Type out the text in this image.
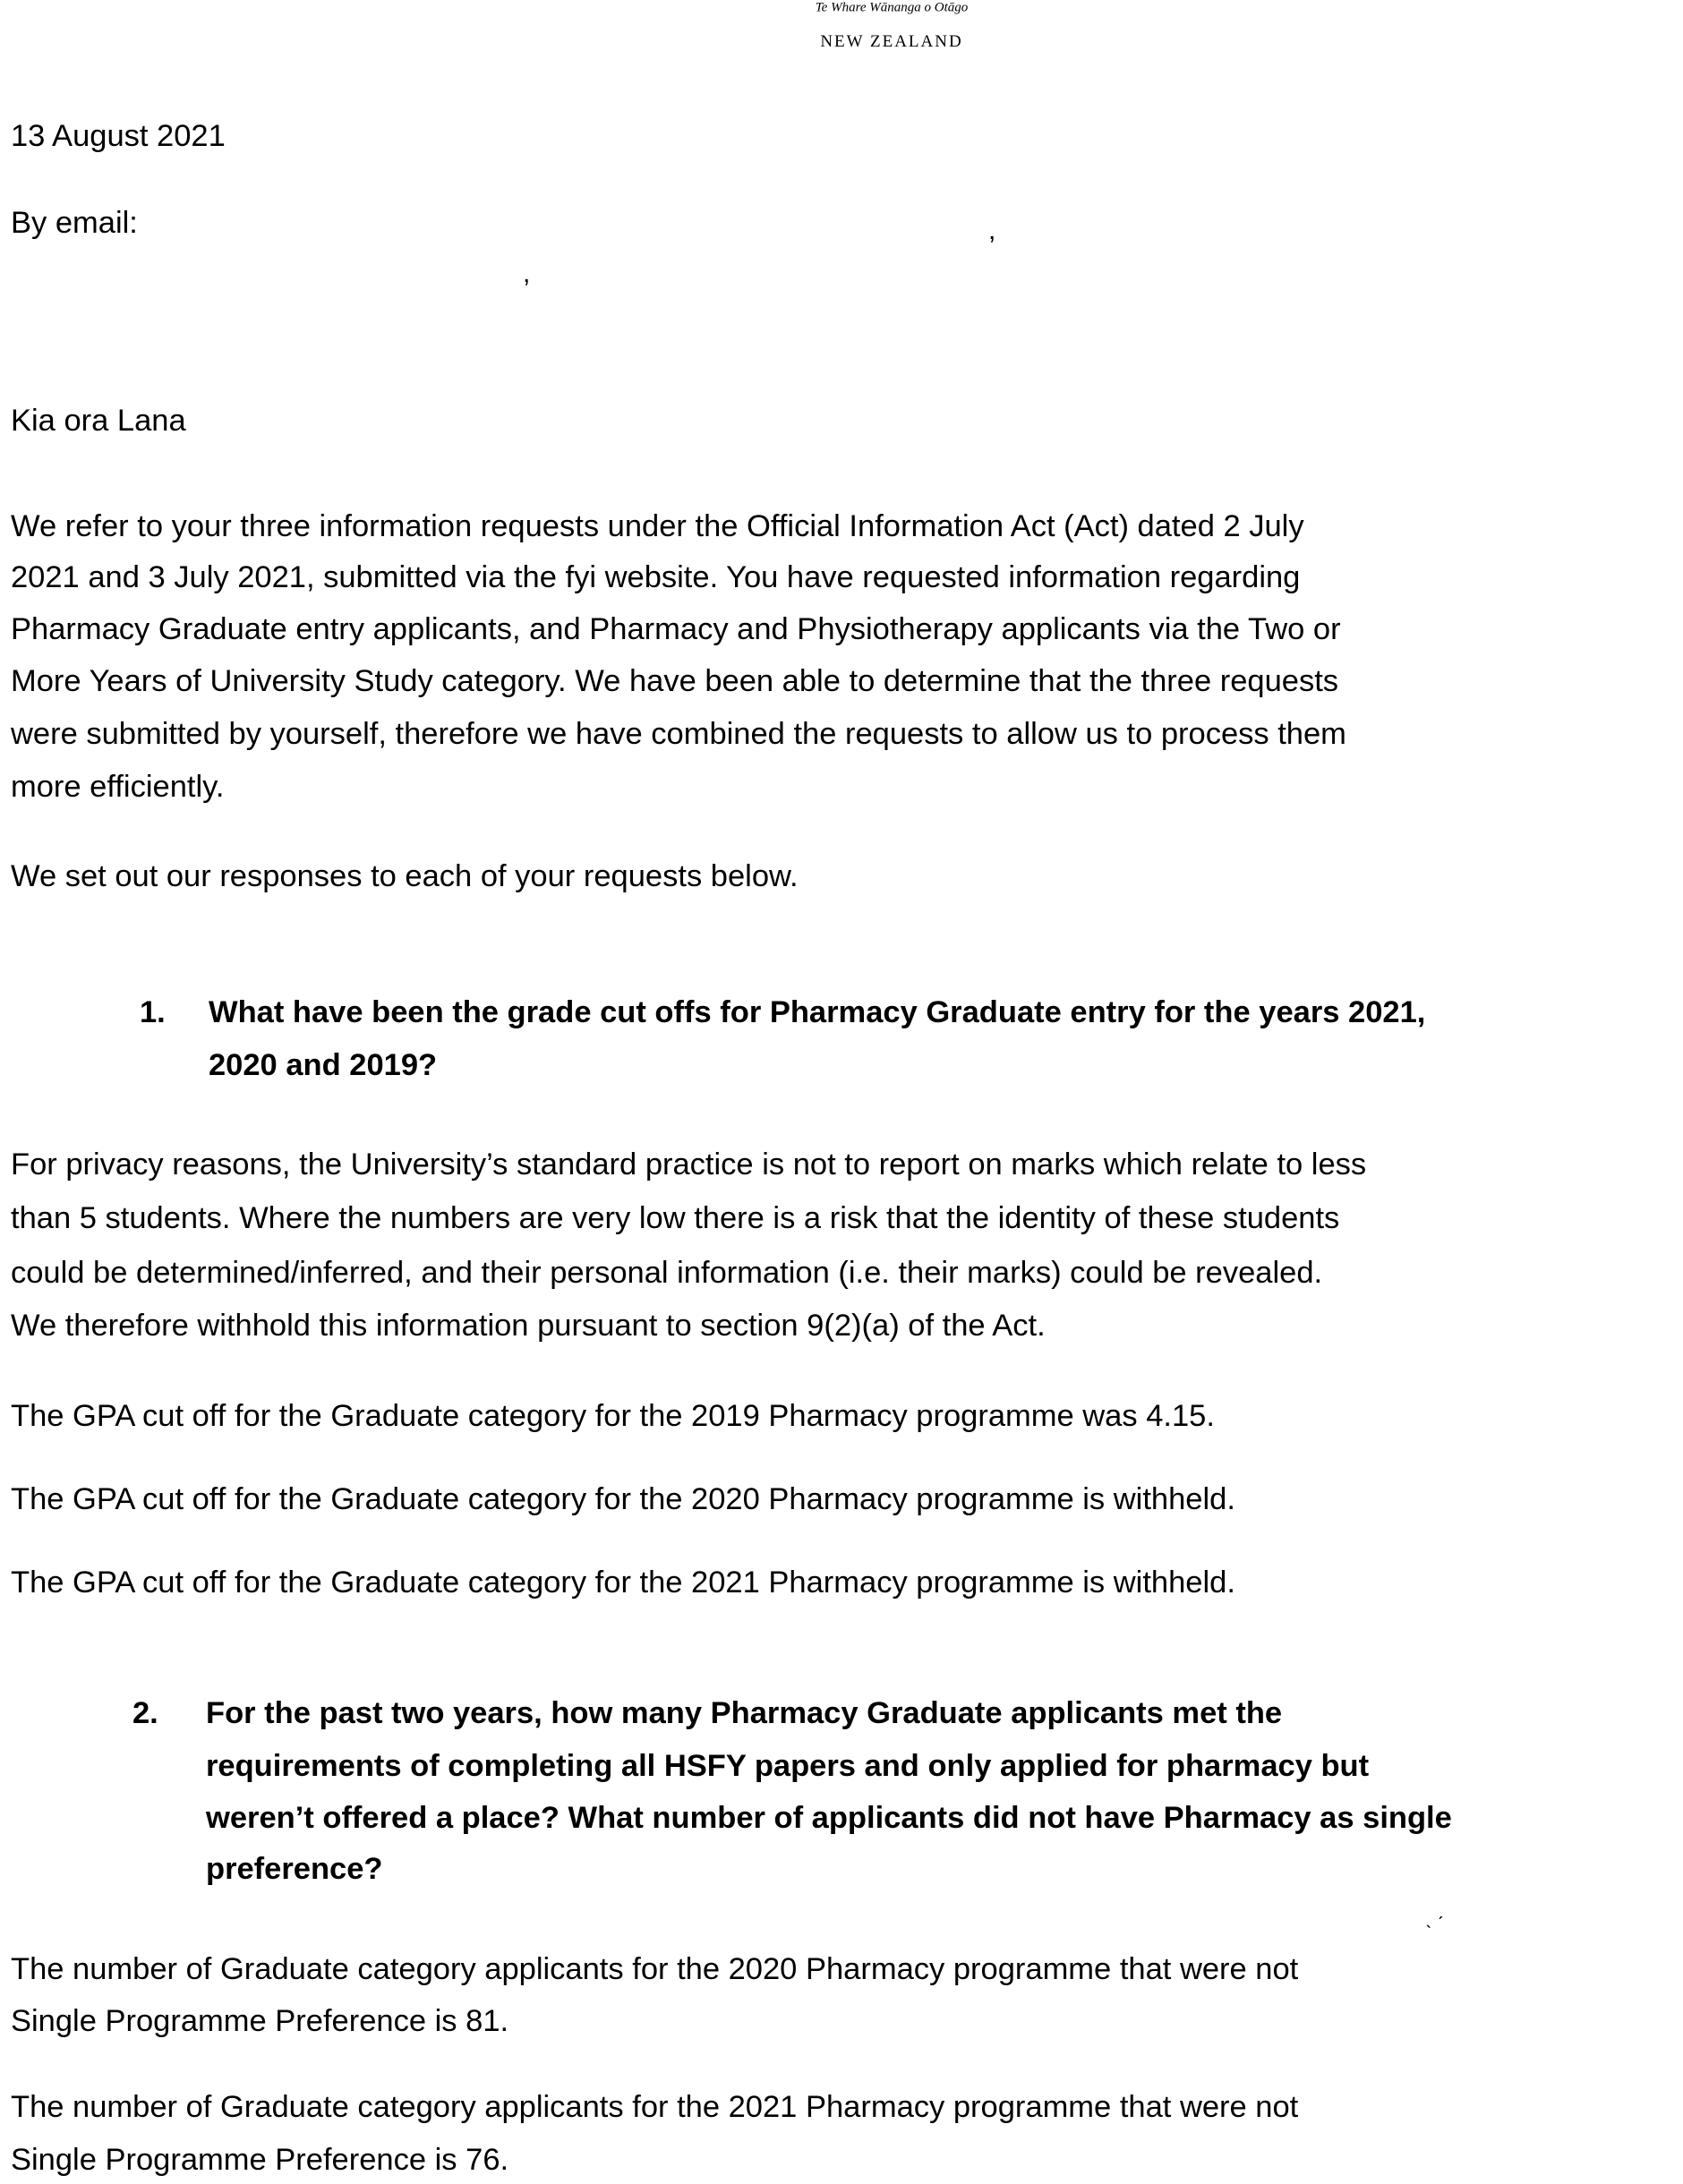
Te Whare Wānanga o Otāgo
NEW ZEALAND
13 August 2021
By email:	,
,
Kia ora Lana
We refer to your three information requests under the Official Information Act (Act) dated 2 July
2021 and 3 July 2021, submitted via the fyi website. You have requested information regarding
Pharmacy Graduate entry applicants, and Pharmacy and Physiotherapy applicants via the Two or
More Years of University Study category. We have been able to determine that the three requests
were submitted by yourself, therefore we have combined the requests to allow us to process them
more efficiently.
We set out our responses to each of your requests below.
1. What have been the grade cut offs for Pharmacy Graduate entry for the years 2021,
2020 and 2019?
For privacy reasons, the University’s standard practice is not to report on marks which relate to less
than 5 students. Where the numbers are very low there is a risk that the identity of these students
could be determined/inferred, and their personal information (i.e. their marks) could be revealed.
We therefore withhold this information pursuant to section 9(2)(a) of the Act.
The GPA cut off for the Graduate category for the 2019 Pharmacy programme was 4.15.
The GPA cut off for the Graduate category for the 2020 Pharmacy programme is withheld.
The GPA cut off for the Graduate category for the 2021 Pharmacy programme is withheld.
2. For the past two years, how many Pharmacy Graduate applicants met the
requirements of completing all HSFY papers and only applied for pharmacy but
weren’t offered a place? What number of applicants did not have Pharmacy as single
preference?
˴ ˊ
The number of Graduate category applicants for the 2020 Pharmacy programme that were not
Single Programme Preference is 81.
The number of Graduate category applicants for the 2021 Pharmacy programme that were not
Single Programme Preference is 76.
